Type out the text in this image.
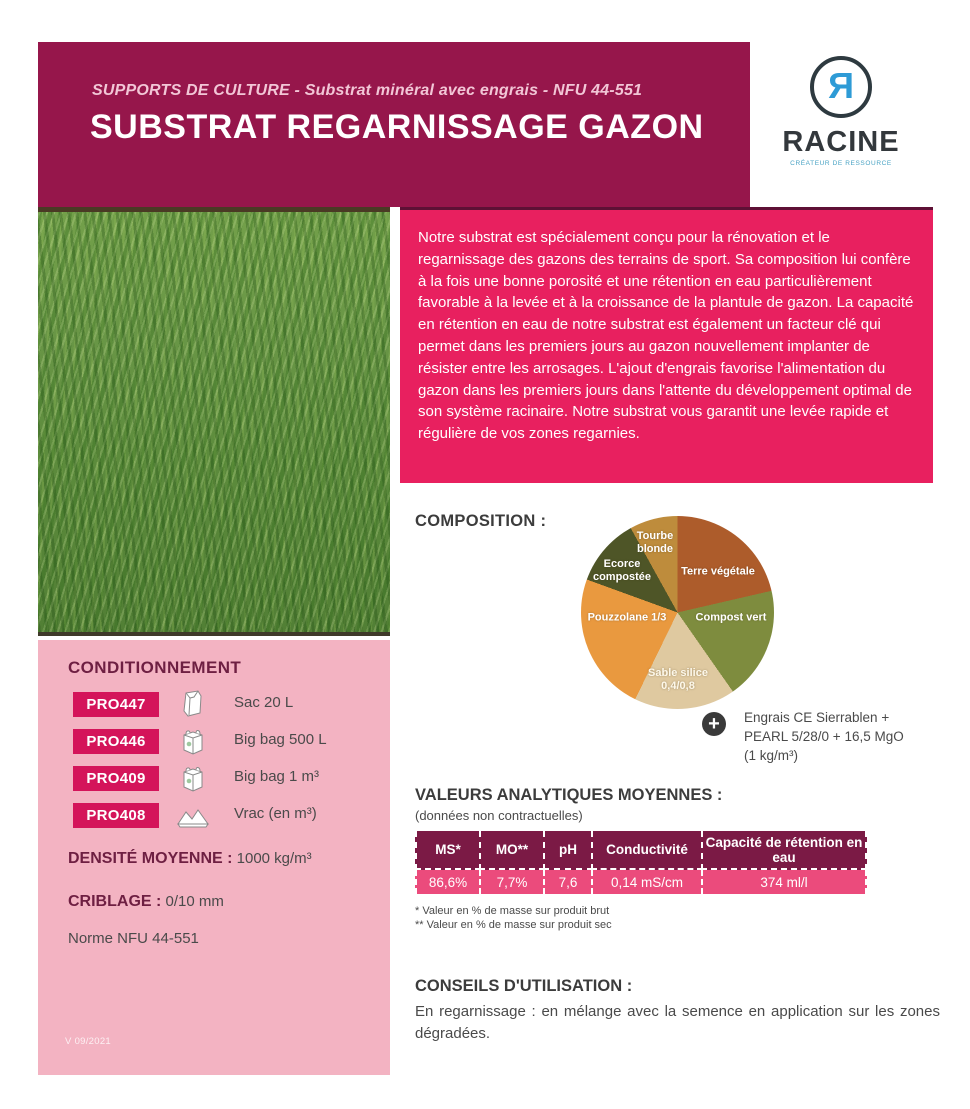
SUPPORTS DE CULTURE - Substrat minéral avec engrais - NFU 44-551
SUBSTRAT REGARNISSAGE GAZON
Я
RACINE
CRÉATEUR DE RESSOURCE
Notre substrat est spécialement conçu pour la rénovation et le regarnissage des gazons des terrains de sport. Sa composition lui confère à la fois une bonne porosité et une rétention en eau particulièrement favorable à la levée et à la croissance de la plantule de gazon. La capacité en rétention en eau de notre substrat est également un facteur clé qui permet dans les premiers jours au gazon nouvellement implanter de résister entre les arrosages. L'ajout d'engrais favorise l'alimentation du gazon dans les premiers jours dans l'attente du développement optimal de son système racinaire. Notre substrat vous garantit une levée rapide et régulière de vos zones regarnies.
CONDITIONNEMENT
PRO447	Sac 20 L
PRO446	Big bag 500 L
PRO409	Big bag 1 m³
PRO408	Vrac (en m³)
DENSITÉ MOYENNE : 1000 kg/m³
CRIBLAGE : 0/10 mm
Norme NFU 44-551
V 09/2021
COMPOSITION :
Terre végétale
Compost vert
Sable silice 0,4/0,8
Pouzzolane 1/3
Ecorce compostée
Tourbe blonde
+	Engrais CE Sierrablen +
PEARL 5/28/0 + 16,5 MgO
(1 kg/m³)
VALEURS ANALYTIQUES MOYENNES :
(données non contractuelles)
MS*	MO**	pH	Conductivité	Capacité de rétention en eau
86,6%	7,7%	7,6	0,14 mS/cm	374 ml/l
* Valeur en % de masse sur produit brut
** Valeur en % de masse sur produit sec
CONSEILS D'UTILISATION :
En regarnissage : en mélange avec la semence en application sur les zones dégradées.
